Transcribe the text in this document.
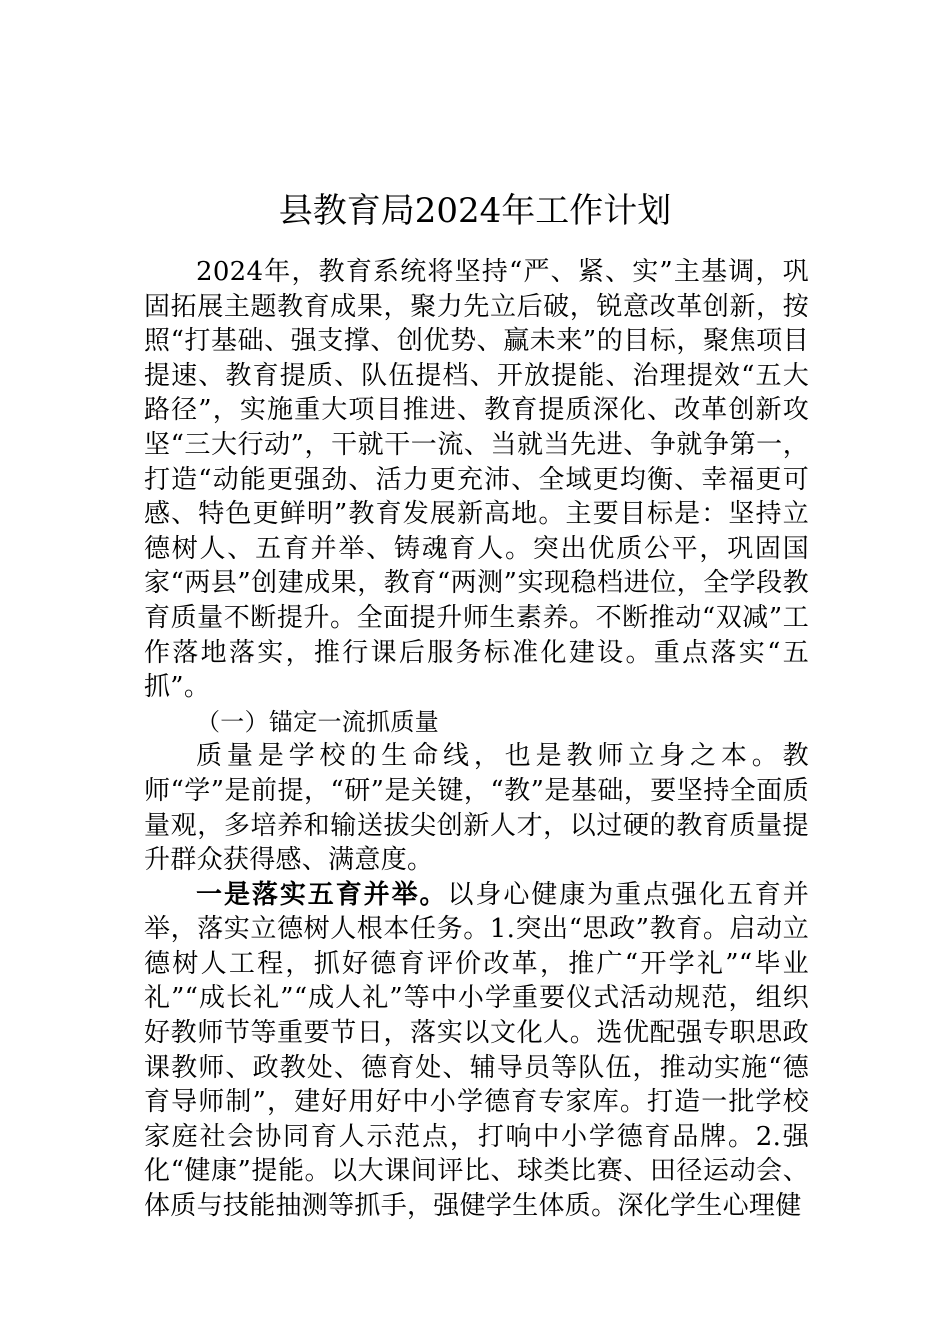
县教育局2024年工作计划

2024年，教育系统将坚持“严、紧、实”主基调，巩固拓展主题教育成果，聚力先立后破，锐意改革创新，按照“打基础、强支撑、创优势、赢未来”的目标，聚焦项目提速、教育提质、队伍提档、开放提能、治理提效“五大路径”，实施重大项目推进、教育提质深化、改革创新攻坚“三大行动”，干就干一流、当就当先进、争就争第一，打造“动能更强劲、活力更充沛、全域更均衡、幸福更可感、特色更鲜明”教育发展新高地。主要目标是：坚持立德树人、五育并举、铸魂育人。突出优质公平，巩固国家“两县”创建成果，教育“两测”实现稳档进位，全学段教育质量不断提升。全面提升师生素养。不断推动“双减”工作落地落实，推行课后服务标准化建设。重点落实“五抓”。

（一）锚定一流抓质量

质量是学校的生命线，也是教师立身之本。教师“学”是前提，“研”是关键，“教”是基础，要坚持全面质量观，多培养和输送拔尖创新人才，以过硬的教育质量提升群众获得感、满意度。

一是落实五育并举。以身心健康为重点强化五育并举，落实立德树人根本任务。1.突出“思政”教育。启动立德树人工程，抓好德育评价改革，推广“开学礼”“毕业礼”“成长礼”“成人礼”等中小学重要仪式活动规范，组织好教师节等重要节日，落实以文化人。选优配强专职思政课教师、政教处、德育处、辅导员等队伍，推动实施“德育导师制”，建好用好中小学德育专家库。打造一批学校家庭社会协同育人示范点，打响中小学德育品牌。2.强化“健康”提能。以大课间评比、球类比赛、田径运动会、体质与技能抽测等抓手，强健学生体质。深化学生心理健
